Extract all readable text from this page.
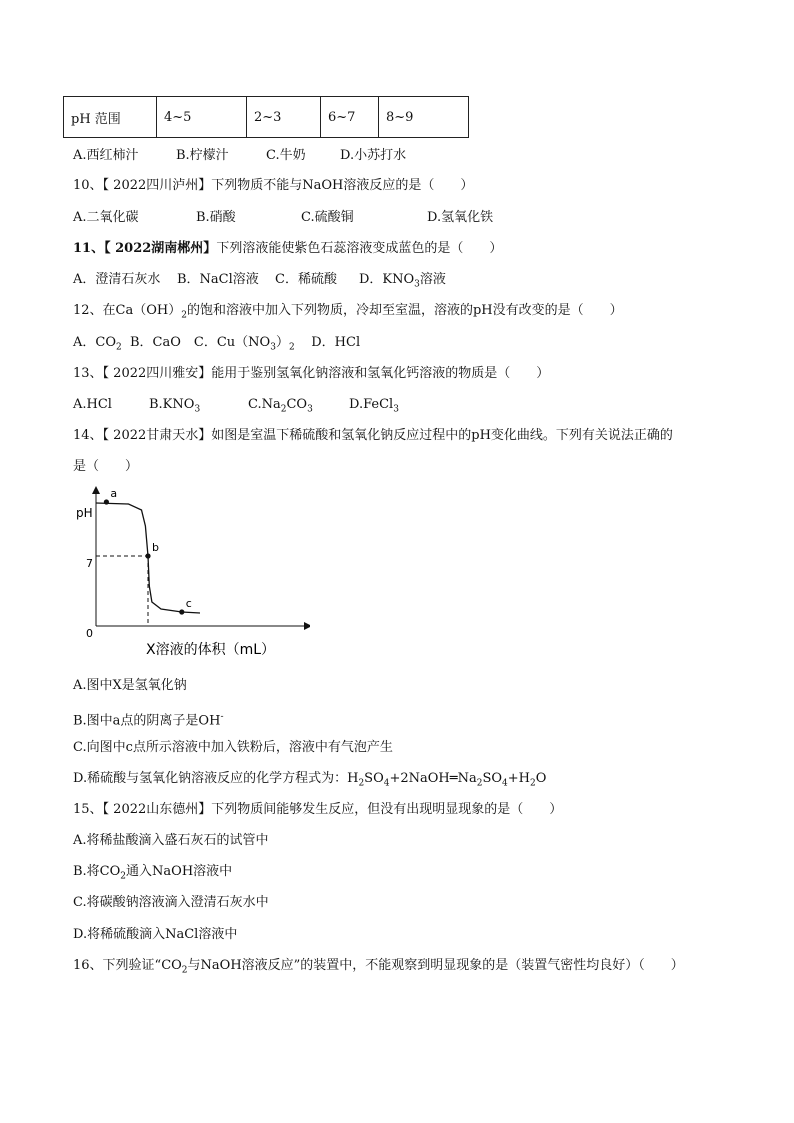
pH 范围	4~5	2~3	6~7	8~9
A.西红柿汁	B.柠檬汁	C.牛奶	D.小苏打水
10、【 2022四川泸州】下列物质不能与NaOH溶液反应的是（　　）
A.二氧化碳	B.硝酸	C.硫酸铜	D.氢氧化铁
11、【 2022湖南郴州】下列溶液能使紫色石蕊溶液变成蓝色的是（　　）
A．澄清石灰水 B．NaCl溶液 C．稀硫酸 D．$KNO_3$溶液
12、在$Ca(OH)_2$的饱和溶液中加入下列物质，冷却至室温，溶液的pH没有改变的是（　　）
A．$CO_2$ B．CaO　C．$Cu(NO_3)_2$ D．HCl
13、【 2022四川雅安】能用于鉴别氢氧化钠溶液和氢氧化钙溶液的物质是（　　）
A.HCl	$B.KNO_3$	$C.Na_2CO_3$	D.FeCl$_3$
14、【 2022甘肃天水】如图是室温下稀硫酸和氢氧化钠反应过程中的pH变化曲线。下列有关说法正确的
是（　　）
pH
0
7
a
b
c
X溶液的体积（mL）
A.图中X是氢氧化钠
B.图中a点的阴离子是OH-
C.向图中c点所示溶液中加入铁粉后，溶液中有气泡产生
D.稀硫酸与氢氧化钠溶液反应的化学方程式为：$H_2SO_4+2NaOH═Na_2SO_4+H_2O$
15、【 2022山东德州】下列物质间能够发生反应，但没有出现明显现象的是（　　）
A.将稀盐酸滴入盛石灰石的试管中
B.将$CO_2$通入NaOH溶液中
C.将碳酸钠溶液滴入澄清石灰水中
D.将稀硫酸滴入NaCl溶液中
16、下列验证“$CO_2$与NaOH溶液反应”的装置中，不能观察到明显现象的是（装置气密性均良好）（　　）
